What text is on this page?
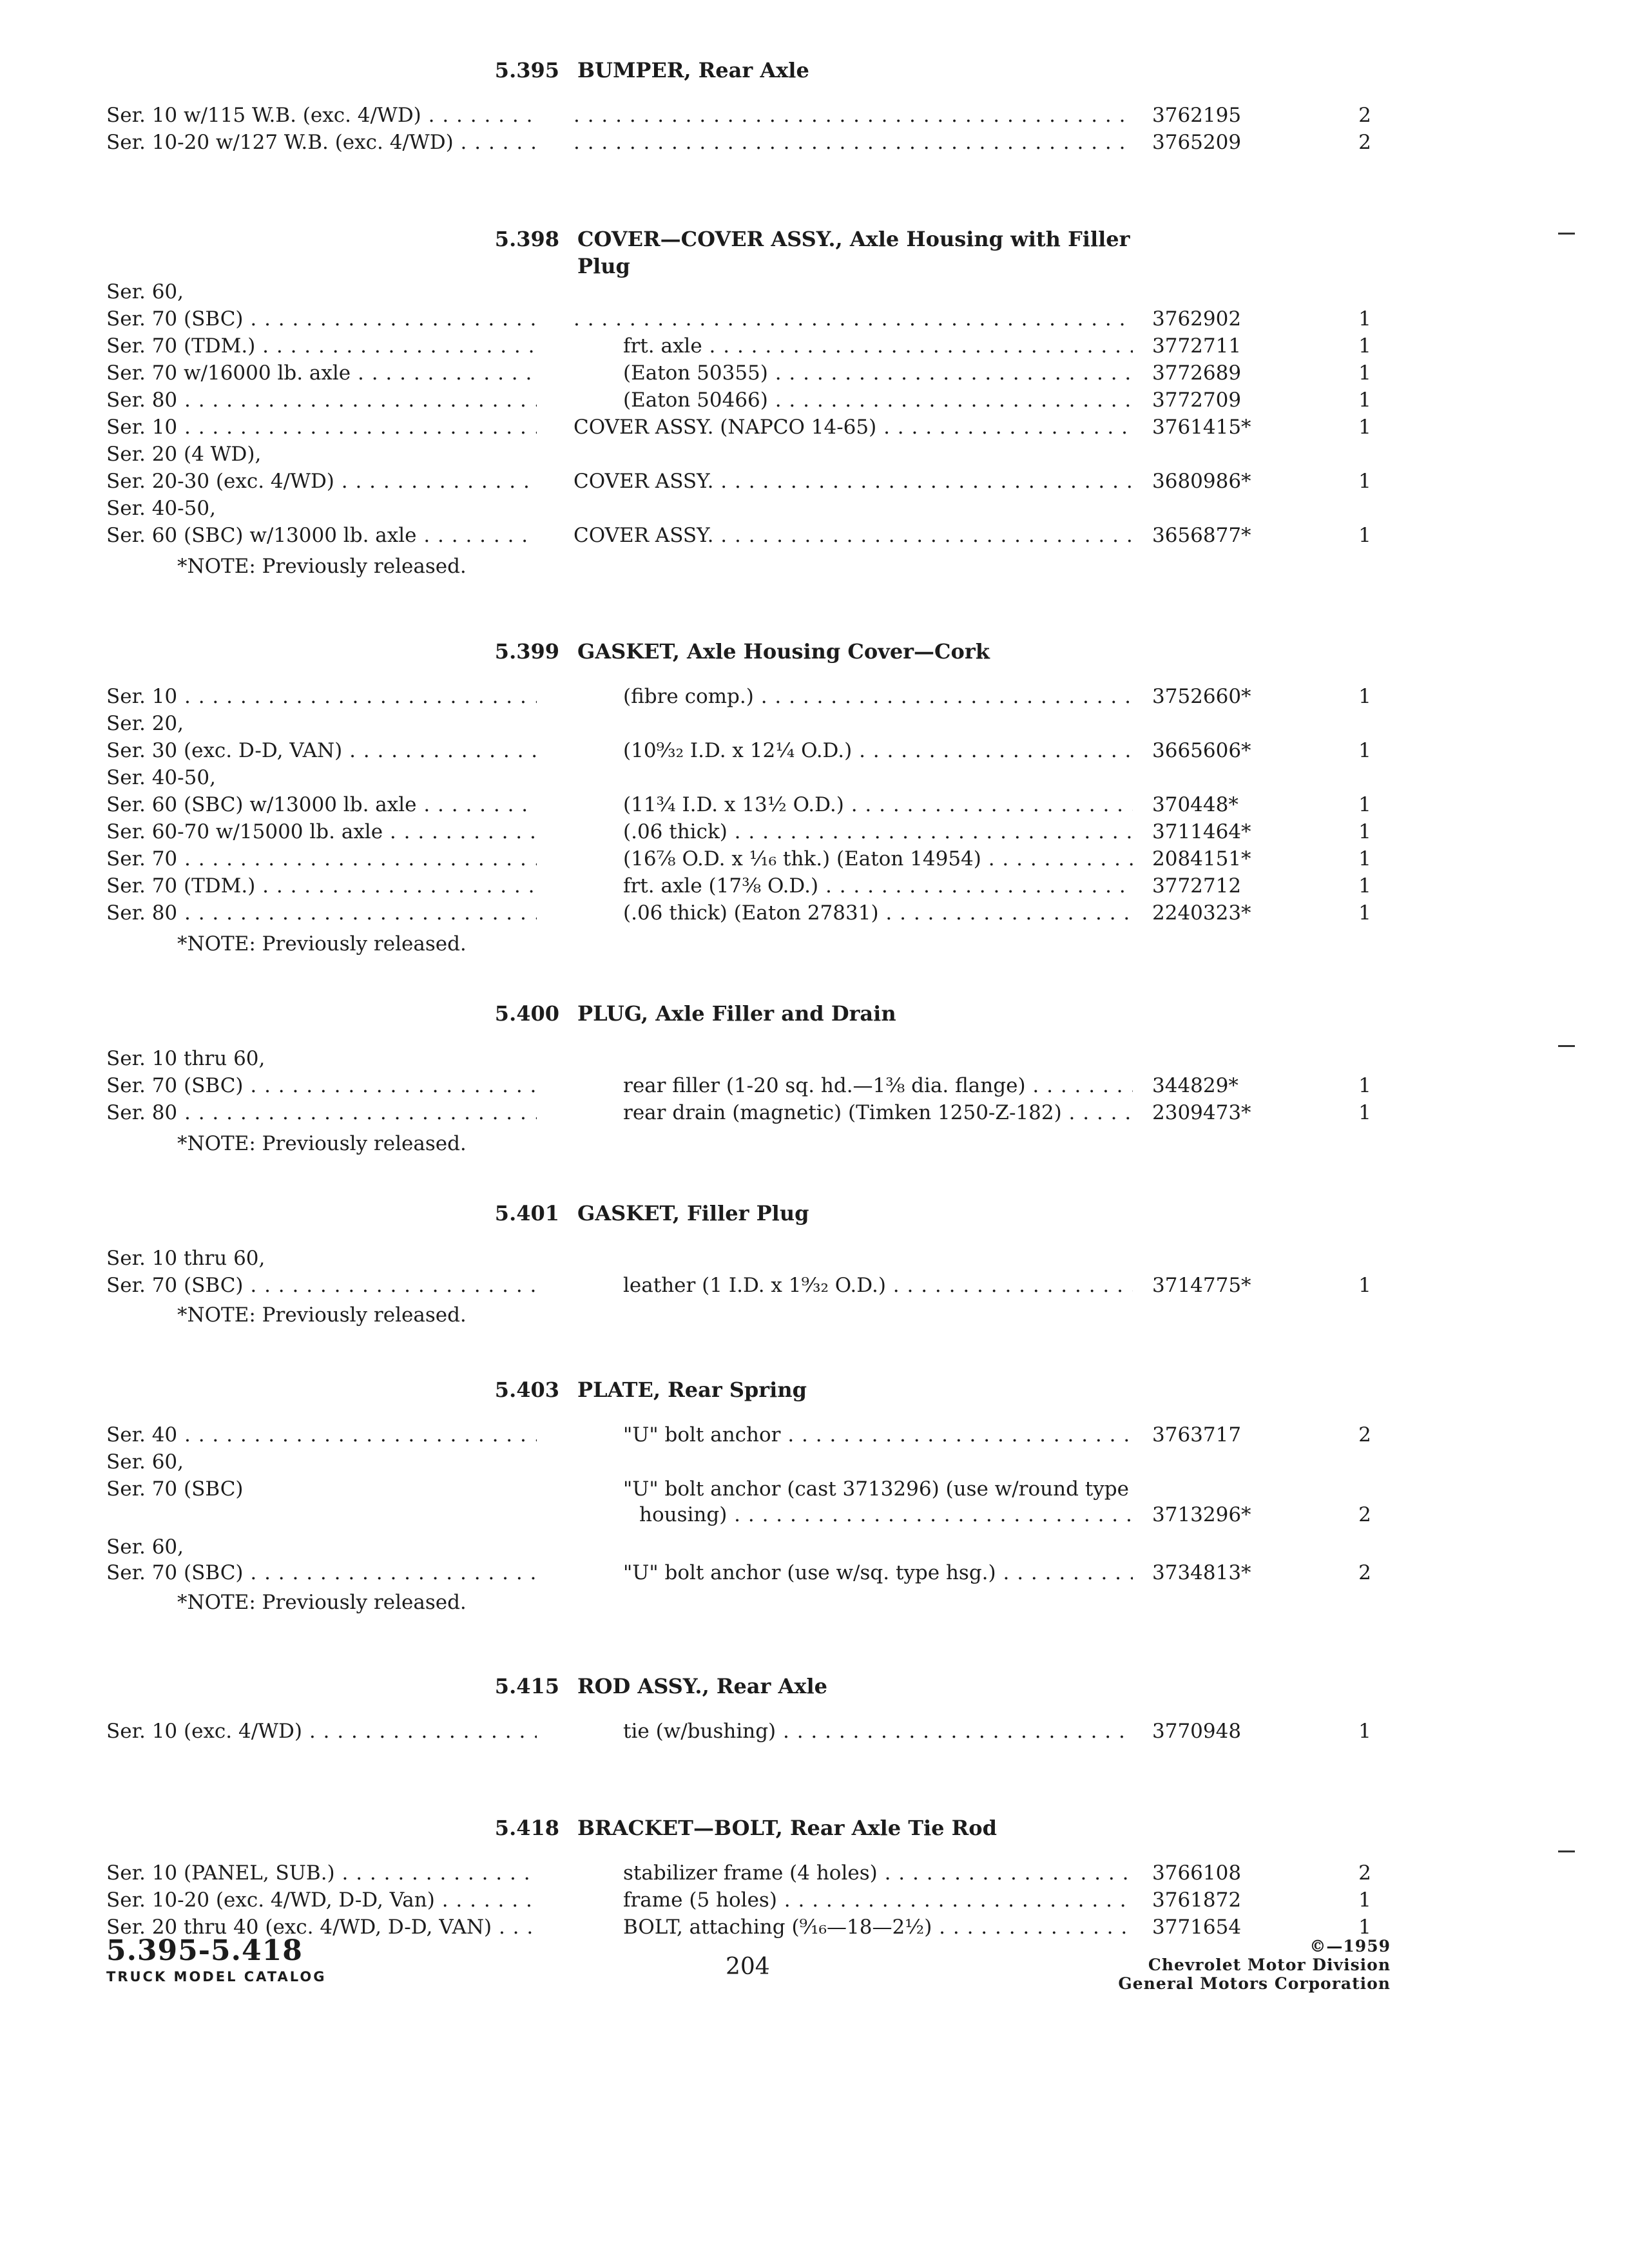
5.395 BUMPER, Rear Axle
Ser. 10 w/115 W.B. (exc. 4/WD) . . . . . .	3762195	2
Ser. 10-20 w/127 W.B. (exc. 4/WD) . . . . . .	3765209	2
5.398 COVER—COVER ASSY., Axle Housing with Filler Plug
Ser. 60,
Ser. 70 (SBC) . . . . . .	3762902	1
Ser. 70 (TDM.) . . .	frt. axle . . .	3772711	1
Ser. 70 w/16000 lb. axle . . .	(Eaton 50355) . . .	3772689	1
Ser. 80 . . .	(Eaton 50466) . . .	3772709	1
Ser. 10 . . .	COVER ASSY. (NAPCO 14-65) . . .	3761415*	1
Ser. 20 (4 WD),
Ser. 20-30 (exc. 4/WD) . . .	COVER ASSY. . . .	3680986*	1
Ser. 40-50,
Ser. 60 (SBC) w/13000 lb. axle . . .	COVER ASSY. . . .	3656877*	1
*NOTE: Previously released.
5.399 GASKET, Axle Housing Cover—Cork
Ser. 10 . . .	(fibre comp.) . . .	3752660*	1
Ser. 20,
Ser. 30 (exc. D-D, VAN) . . .	(10⁹⁄₃₂ I.D. x 12¼ O.D.) . . .	3665606*	1
Ser. 40-50,
Ser. 60 (SBC) w/13000 lb. axle . . .	(11¾ I.D. x 13½ O.D.) . . .	370448*	1
Ser. 60-70 w/15000 lb. axle . . .	(.06 thick) . . .	3711464*	1
Ser. 70 . . .	(16⅞ O.D. x ¹⁄₁₆ thk.) (Eaton 14954) . . .	2084151*	1
Ser. 70 (TDM.) . . .	frt. axle (17⅜ O.D.) . . .	3772712	1
Ser. 80 . . .	(.06 thick) (Eaton 27831) . . .	2240323*	1
*NOTE: Previously released.
5.400 PLUG, Axle Filler and Drain
Ser. 10 thru 60,
Ser. 70 (SBC) . . .	rear filler (1-20 sq. hd.—1⅜ dia. flange) . . .	344829*	1
Ser. 80 . . .	rear drain (magnetic) (Timken 1250-Z-182) . . .	2309473*	1
*NOTE: Previously released.
5.401 GASKET, Filler Plug
Ser. 10 thru 60,
Ser. 70 (SBC) . . .	leather (1 I.D. x 1⁹⁄₃₂ O.D.) . . .	3714775*	1
*NOTE: Previously released.
5.403 PLATE, Rear Spring
Ser. 40 . . .	"U" bolt anchor . . .	3763717	2
Ser. 60,
Ser. 70 (SBC)	"U" bolt anchor (cast 3713296) (use w/round type
housing) . . .	3713296*	2
Ser. 60,
Ser. 70 (SBC) . . .	"U" bolt anchor (use w/sq. type hsg.) . . .	3734813*	2
*NOTE: Previously released.
5.415 ROD ASSY., Rear Axle
Ser. 10 (exc. 4/WD) . . .	tie (w/bushing) . . .	3770948	1
5.418 BRACKET—BOLT, Rear Axle Tie Rod
Ser. 10 (PANEL, SUB.) . . .	stabilizer frame (4 holes) . . .	3766108	2
Ser. 10-20 (exc. 4/WD, D-D, Van) . . .	frame (5 holes) . . .	3761872	1
Ser. 20 thru 40 (exc. 4/WD, D-D, VAN) . . .	BOLT, attaching (⁹⁄₁₆—18—2½) . . .	3771654	1
5.395-5.418
TRUCK MODEL CATALOG	204
©—1959
Chevrolet Motor Division
General Motors Corporation
